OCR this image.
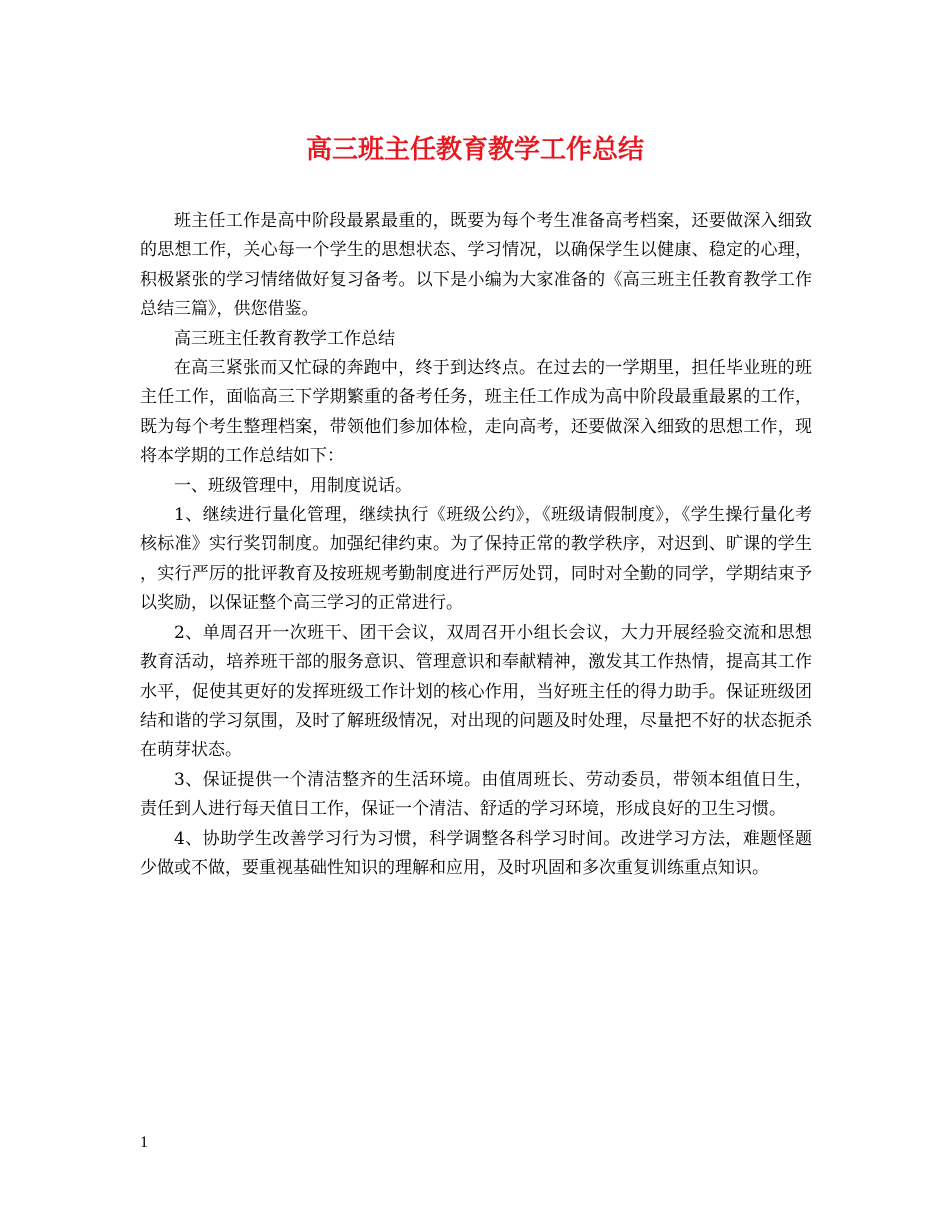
高三班主任教育教学工作总结

班主任工作是高中阶段最累最重的，既要为每个考生准备高考档案，还要做深入细致的思想工作，关心每一个学生的思想状态、学习情况，以确保学生以健康、稳定的心理，积极紧张的学习情绪做好复习备考。以下是小编为大家准备的《高三班主任教育教学工作总结三篇》，供您借鉴。

高三班主任教育教学工作总结

在高三紧张而又忙碌的奔跑中，终于到达终点。在过去的一学期里，担任毕业班的班主任工作，面临高三下学期繁重的备考任务，班主任工作成为高中阶段最重最累的工作，既为每个考生整理档案，带领他们参加体检，走向高考，还要做深入细致的思想工作，现将本学期的工作总结如下：

一、班级管理中，用制度说话。

1、继续进行量化管理，继续执行《班级公约》，《班级请假制度》，《学生操行量化考核标准》实行奖罚制度。加强纪律约束。为了保持正常的教学秩序，对迟到、旷课的学生，实行严厉的批评教育及按班规考勤制度进行严厉处罚，同时对全勤的同学，学期结束予以奖励，以保证整个高三学习的正常进行。

2、单周召开一次班干、团干会议，双周召开小组长会议，大力开展经验交流和思想教育活动，培养班干部的服务意识、管理意识和奉献精神，激发其工作热情，提高其工作水平，促使其更好的发挥班级工作计划的核心作用，当好班主任的得力助手。保证班级团结和谐的学习氛围，及时了解班级情况，对出现的问题及时处理，尽量把不好的状态扼杀在萌芽状态。

3、保证提供一个清洁整齐的生活环境。由值周班长、劳动委员，带领本组值日生，责任到人进行每天值日工作，保证一个清洁、舒适的学习环境，形成良好的卫生习惯。

4、协助学生改善学习行为习惯，科学调整各科学习时间。改进学习方法，难题怪题少做或不做，要重视基础性知识的理解和应用，及时巩固和多次重复训练重点知识。

1
